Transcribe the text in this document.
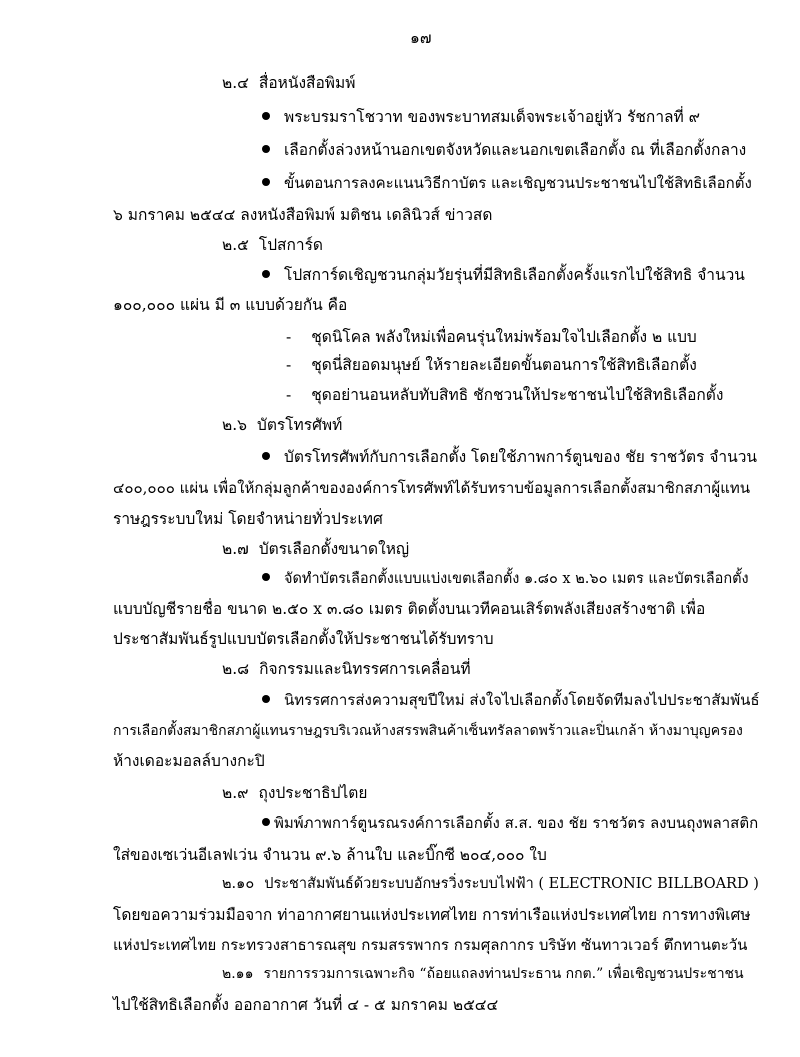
๑๗
๒.๔ สื่อหนังสือพิมพ์
พระบรมราโชวาท ของพระบาทสมเด็จพระเจ้าอยู่หัว รัชกาลที่ ๙
เลือกตั้งล่วงหน้านอกเขตจังหวัดและนอกเขตเลือกตั้ง ณ ที่เลือกตั้งกลาง
ขั้นตอนการลงคะแนนวิธีกาบัตร และเชิญชวนประชาชนไปใช้สิทธิเลือกตั้ง
๖ มกราคม ๒๕๔๔ ลงหนังสือพิมพ์ มติชน เดลินิวส์ ข่าวสด
๒.๕ โปสการ์ด
โปสการ์ดเชิญชวนกลุ่มวัยรุ่นที่มีสิทธิเลือกตั้งครั้งแรกไปใช้สิทธิ จำนวน
๑๐๐,๐๐๐ แผ่น มี ๓ แบบด้วยกัน คือ
- ชุดนิโคล พลังใหม่เพื่อคนรุ่นใหม่พร้อมใจไปเลือกตั้ง ๒ แบบ
- ชุดนี่สิยอดมนุษย์ ให้รายละเอียดขั้นตอนการใช้สิทธิเลือกตั้ง
- ชุดอย่านอนหลับทับสิทธิ ชักชวนให้ประชาชนไปใช้สิทธิเลือกตั้ง
๒.๖ บัตรโทรศัพท์
บัตรโทรศัพท์กับการเลือกตั้ง โดยใช้ภาพการ์ตูนของ ชัย ราชวัตร จำนวน
๔๐๐,๐๐๐ แผ่น เพื่อให้กลุ่มลูกค้าขององค์การโทรศัพท์ได้รับทราบข้อมูลการเลือกตั้งสมาชิกสภาผู้แทน
ราษฎรระบบใหม่ โดยจำหน่ายทั่วประเทศ
๒.๗ บัตรเลือกตั้งขนาดใหญ่
จัดทำบัตรเลือกตั้งแบบแบ่งเขตเลือกตั้ง ๑.๘๐ x ๒.๖๐ เมตร และบัตรเลือกตั้ง
แบบบัญชีรายชื่อ ขนาด ๒.๕๐ x ๓.๘๐ เมตร ติดตั้งบนเวทีคอนเสิร์ตพลังเสียงสร้างชาติ เพื่อ
ประชาสัมพันธ์รูปแบบบัตรเลือกตั้งให้ประชาชนได้รับทราบ
๒.๘ กิจกรรมและนิทรรศการเคลื่อนที่
นิทรรศการส่งความสุขปีใหม่ ส่งใจไปเลือกตั้งโดยจัดทีมลงไปประชาสัมพันธ์
การเลือกตั้งสมาชิกสภาผู้แทนราษฎรบริเวณห้างสรรพสินค้าเซ็นทรัลลาดพร้าวและปิ่นเกล้า ห้างมาบุญครอง
ห้างเดอะมอลล์บางกะปิ
๒.๙ ถุงประชาธิปไตย
พิมพ์ภาพการ์ตูนรณรงค์การเลือกตั้ง ส.ส. ของ ชัย ราชวัตร ลงบนถุงพลาสติก
ใส่ของเซเว่นอีเลฟเว่น จำนวน ๙.๖ ล้านใบ และบิ๊กซี ๒๐๔,๐๐๐ ใบ
๒.๑๐ ประชาสัมพันธ์ด้วยระบบอักษรวิ่งระบบไฟฟ้า ( ELECTRONIC BILLBOARD )
โดยขอความร่วมมือจาก ท่าอากาศยานแห่งประเทศไทย การท่าเรือแห่งประเทศไทย การทางพิเศษ
แห่งประเทศไทย กระทรวงสาธารณสุข กรมสรรพากร กรมศุลกากร บริษัท ซันทาวเวอร์ ตึกทานตะวัน
๒.๑๑ รายการรวมการเฉพาะกิจ “ถ้อยแถลงท่านประธาน กกต.” เพื่อเชิญชวนประชาชน
ไปใช้สิทธิเลือกตั้ง ออกอากาศ วันที่ ๔ - ๕ มกราคม ๒๕๔๔
